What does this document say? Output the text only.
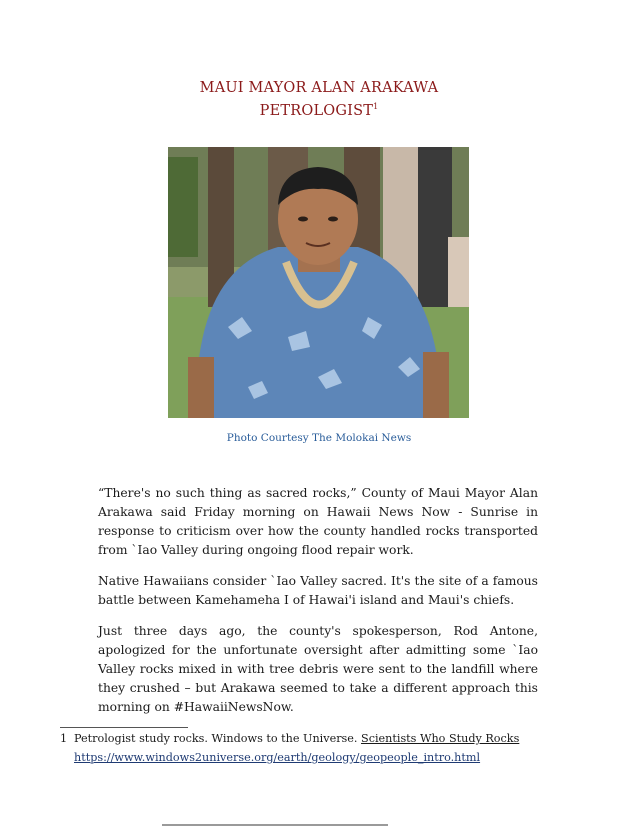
MAUI MAYOR ALAN ARAKAWA
PETROLOGIST$^1$
Photo Courtesy The Molokai News
“There's no such thing as sacred rocks,” County of Maui Mayor Alan Arakawa said Friday morning on Hawaii News Now - Sunrise in response to criticism over how the county handled rocks transported from `Iao Valley during ongoing flood repair work.
Native Hawaiians consider `Iao Valley sacred. It's the site of a famous battle between Kamehameha I of Hawai'i island and Maui's chiefs.
Just three days ago, the county's spokesperson, Rod Antone, apologized for the unfortunate oversight after admitting some `Iao Valley rocks mixed in with tree debris were sent to the landfill where they crushed – but Arakawa seemed to take a different approach this morning on #HawaiiNewsNow.
1 Petrologist study rocks. Windows to the Universe. Scientists Who Study Rocks
https://www.windows2universe.org/earth/geology/geopeople_intro.html
